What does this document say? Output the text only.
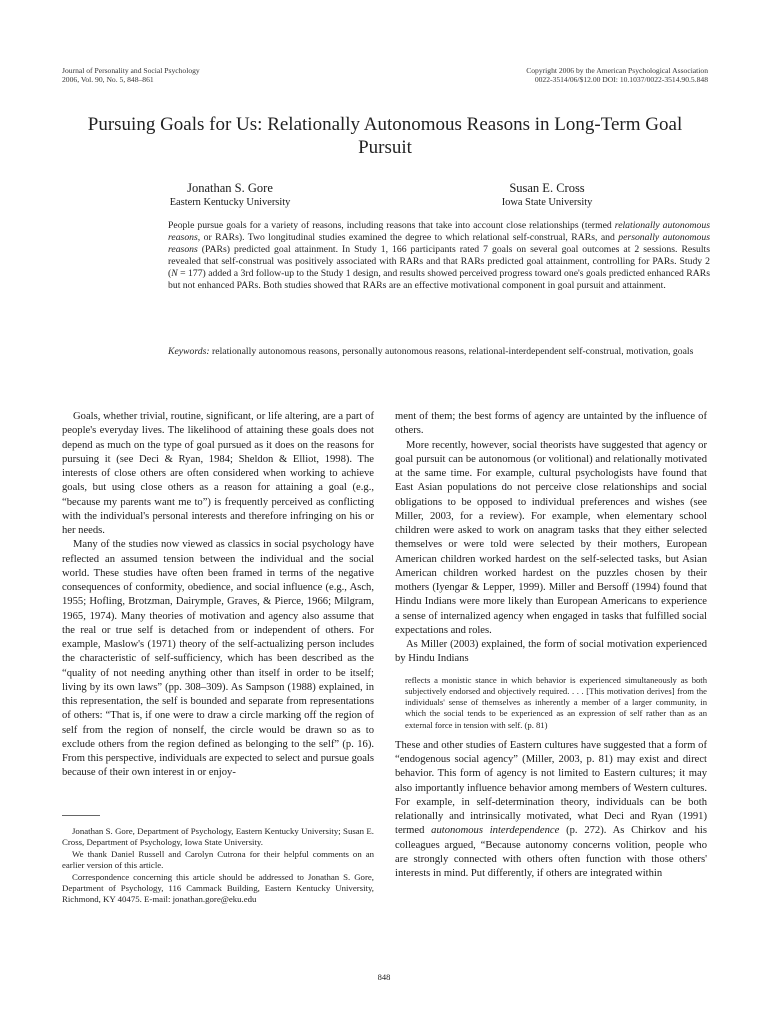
Journal of Personality and Social Psychology
2006, Vol. 90, No. 5, 848–861
Copyright 2006 by the American Psychological Association
0022-3514/06/$12.00 DOI: 10.1037/0022-3514.90.5.848
Pursuing Goals for Us: Relationally Autonomous Reasons in Long-Term Goal Pursuit
Jonathan S. Gore
Eastern Kentucky University
Susan E. Cross
Iowa State University
People pursue goals for a variety of reasons, including reasons that take into account close relationships (termed relationally autonomous reasons, or RARs). Two longitudinal studies examined the degree to which relational self-construal, RARs, and personally autonomous reasons (PARs) predicted goal attainment. In Study 1, 166 participants rated 7 goals on several goal outcomes at 2 sessions. Results revealed that self-construal was positively associated with RARs and that RARs predicted goal attainment, controlling for PARs. Study 2 (N = 177) added a 3rd follow-up to the Study 1 design, and results showed perceived progress toward one's goals predicted enhanced RARs but not enhanced PARs. Both studies showed that RARs are an effective motivational component in goal pursuit and attainment.
Keywords: relationally autonomous reasons, personally autonomous reasons, relational-interdependent self-construal, motivation, goals

Goals, whether trivial, routine, significant, or life altering, are a part of people's everyday lives. The likelihood of attaining these goals does not depend as much on the type of goal pursued as it does on the reasons for pursuing it (see Deci & Ryan, 1984; Sheldon & Elliot, 1998). The interests of close others are often considered when working to achieve goals, but using close others as a reason for attaining a goal (e.g., “because my parents want me to”) is frequently perceived as conflicting with the individual's personal interests and therefore infringing on his or her needs.

Many of the studies now viewed as classics in social psychology have reflected an assumed tension between the individual and the social world. These studies have often been framed in terms of the negative consequences of conformity, obedience, and social influence (e.g., Asch, 1955; Hofling, Brotzman, Dairymple, Graves, & Pierce, 1966; Milgram, 1965, 1974). Many theories of motivation and agency also assume that the real or true self is detached from or independent of others. For example, Maslow's (1971) theory of the self-actualizing person includes the characteristic of self-sufficiency, which has been described as the “quality of not needing anything other than itself in order to be itself; living by its own laws” (pp. 308–309). As Sampson (1988) explained, in this representation, the self is bounded and separate from representations of others: “That is, if one were to draw a circle marking off the region of self from the region of nonself, the circle would be drawn so as to exclude others from the region defined as belonging to the self” (p. 16). From this perspective, individuals are expected to select and pursue goals because of their own interest in or enjoy-

ment of them; the best forms of agency are untainted by the influence of others.

More recently, however, social theorists have suggested that agency or goal pursuit can be autonomous (or volitional) and relationally motivated at the same time. For example, cultural psychologists have found that East Asian populations do not perceive close relationships and social obligations to be opposed to individual preferences and wishes (see Miller, 2003, for a review). For example, when elementary school children were asked to work on anagram tasks that they either selected themselves or were told were selected by their mothers, European American children worked hardest on the self-selected tasks, but Asian American children worked hardest on the puzzles chosen by their mothers (Iyengar & Lepper, 1999). Miller and Bersoff (1994) found that Hindu Indians were more likely than European Americans to experience a sense of internalized agency when engaged in tasks that fulfilled social expectations and roles.

As Miller (2003) explained, the form of social motivation experienced by Hindu Indians

reflects a monistic stance in which behavior is experienced simultaneously as both subjectively endorsed and objectively required. . . . [This motivation derives] from the individuals' sense of themselves as inherently a member of a larger community, in which the social tends to be experienced as an expression of self rather than as an external force in tension with self. (p. 81)

These and other studies of Eastern cultures have suggested that a form of “endogenous social agency” (Miller, 2003, p. 81) may exist and direct behavior. This form of agency is not limited to Eastern cultures; it may also importantly influence behavior among members of Western cultures. For example, in self-determination theory, individuals can be both relationally and intrinsically motivated, what Deci and Ryan (1991) termed autonomous interdependence (p. 272). As Chirkov and his colleagues argued, “Because autonomy concerns volition, people who are strongly connected with others often function with those others' interests in mind. Put differently, if others are integrated within

Jonathan S. Gore, Department of Psychology, Eastern Kentucky University; Susan E. Cross, Department of Psychology, Iowa State University.

We thank Daniel Russell and Carolyn Cutrona for their helpful comments on an earlier version of this article.

Correspondence concerning this article should be addressed to Jonathan S. Gore, Department of Psychology, 116 Cammack Building, Eastern Kentucky University, Richmond, KY 40475. E-mail: jonathan.gore@eku.edu

848
